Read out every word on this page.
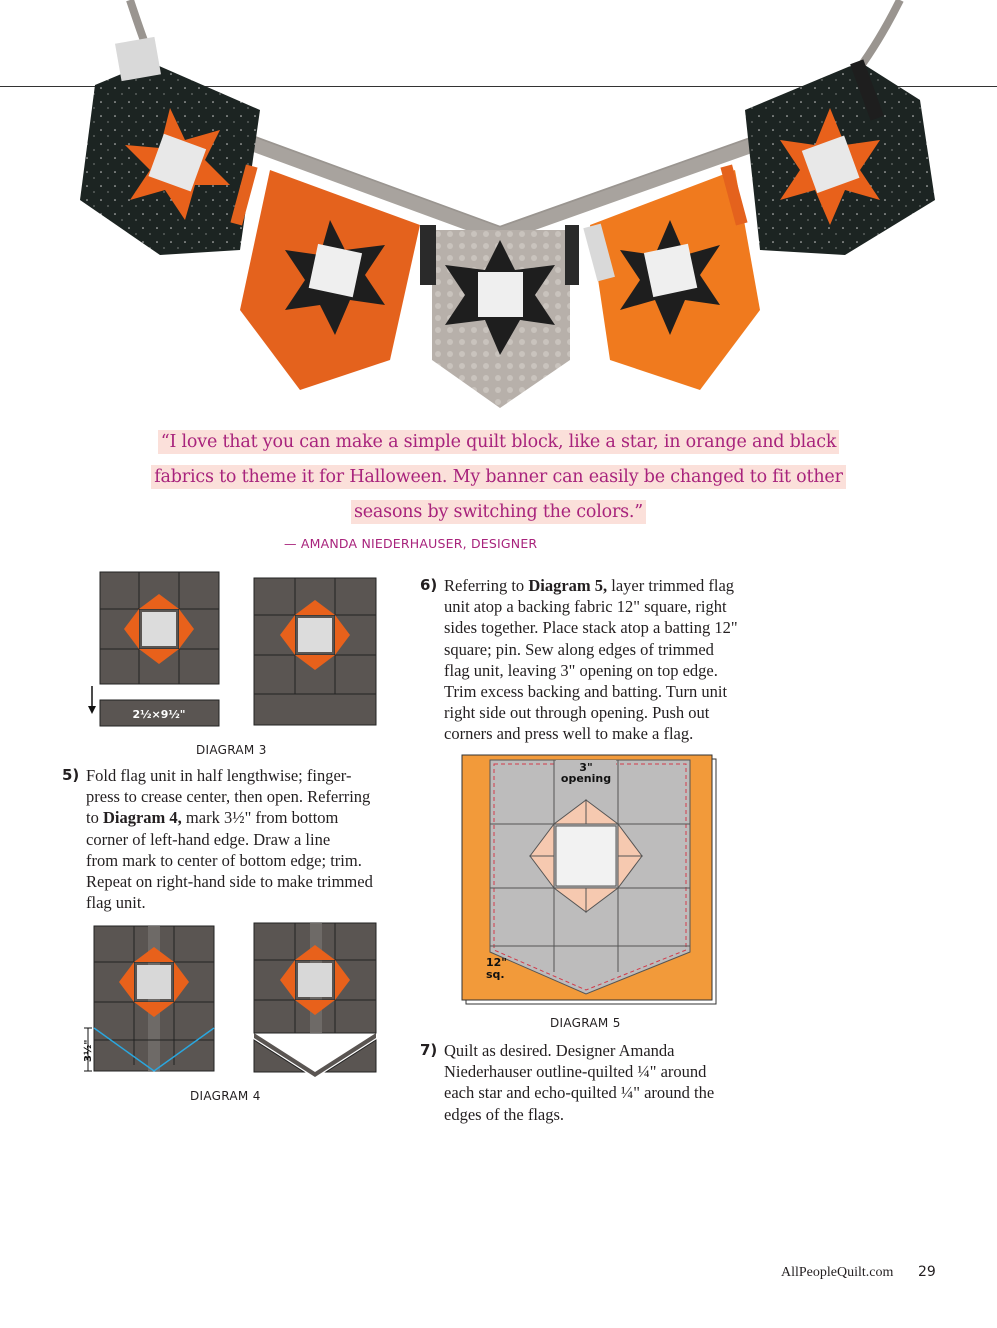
“I love that you can make a simple quilt block, like a star, in orange and black
fabrics to theme it for Halloween. My banner can easily be changed to fit other
seasons by switching the colors.”
— AMANDA NIEDERHAUSER, DESIGNER
2½×9½"
DIAGRAM 3
5) Fold flag unit in half lengthwise; finger-
press to crease center, then open. Referring
to Diagram 4, mark 3½" from bottom
corner of left-hand edge. Draw a line
from mark to center of bottom edge; trim.
Repeat on right-hand side to make trimmed
flag unit.
3½"
DIAGRAM 4
6) Referring to Diagram 5, layer trimmed flag
unit atop a backing fabric 12" square, right
sides together. Place stack atop a batting 12"
square; pin. Sew along edges of trimmed
flag unit, leaving 3" opening on top edge.
Trim excess backing and batting. Turn unit
right side out through opening. Push out
corners and press well to make a flag.
3"
opening
12"
sq.
DIAGRAM 5
7) Quilt as desired. Designer Amanda
Niederhauser outline-quilted ¼" around
each star and echo-quilted ¼" around the
edges of the flags.
AllPeopleQuilt.com 29
